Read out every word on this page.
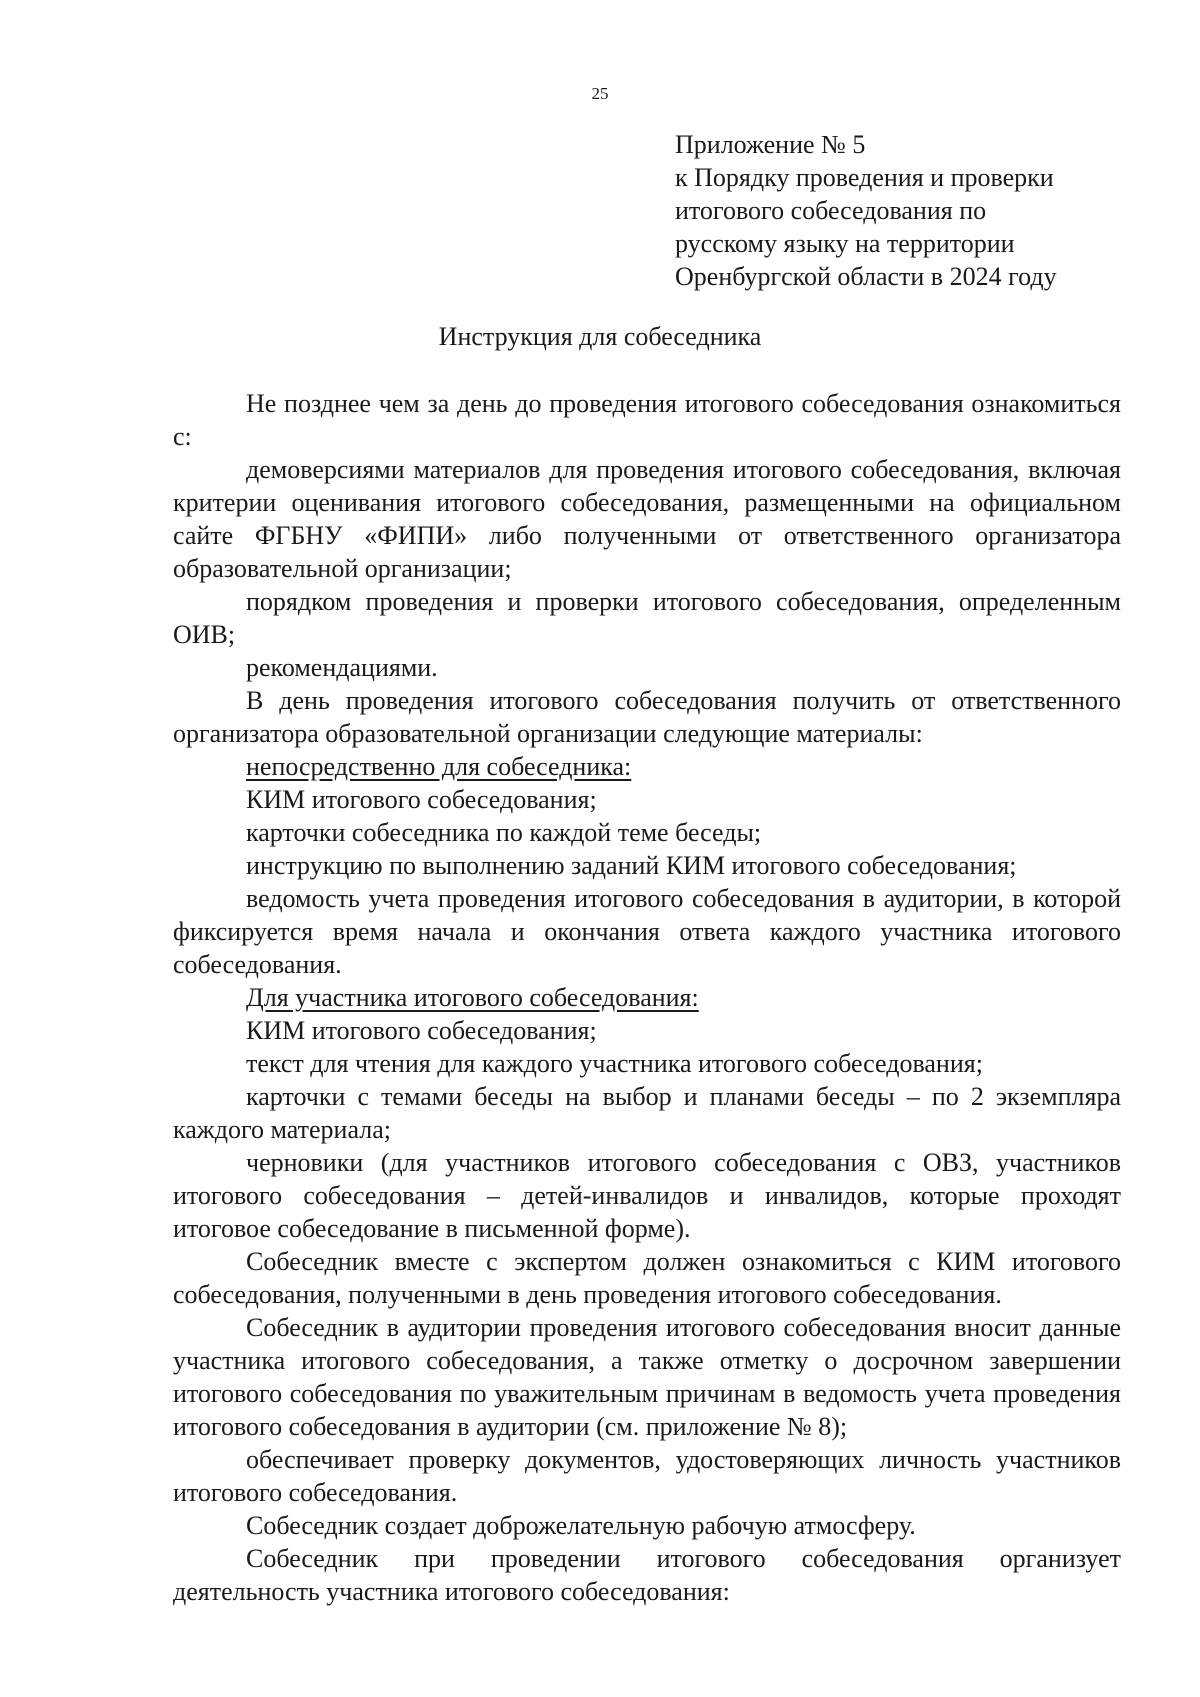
25
Приложение № 5
к Порядку проведения и проверки
итогового собеседования по
русскому языку на территории
Оренбургской области в 2024 году
Инструкция для собеседника

Не позднее чем за день до проведения итогового собеседования ознакомиться с:

демоверсиями материалов для проведения итогового собеседования, включая критерии оценивания итогового собеседования, размещенными на официальном сайте ФГБНУ «ФИПИ» либо полученными от ответственного организатора образовательной организации;

порядком проведения и проверки итогового собеседования, определенным ОИВ;

рекомендациями.

В день проведения итогового собеседования получить от ответственного организатора образовательной организации следующие материалы:

непосредственно для собеседника:

КИМ итогового собеседования;

карточки собеседника по каждой теме беседы;

инструкцию по выполнению заданий КИМ итогового собеседования;

ведомость учета проведения итогового собеседования в аудитории, в которой фиксируется время начала и окончания ответа каждого участника итогового собеседования.

Для участника итогового собеседования:

КИМ итогового собеседования;

текст для чтения для каждого участника итогового собеседования;

карточки с темами беседы на выбор и планами беседы – по 2 экземпляра каждого материала;

черновики (для участников итогового собеседования с ОВЗ, участников итогового собеседования – детей-инвалидов и инвалидов, которые проходят итоговое собеседование в письменной форме).

Собеседник вместе с экспертом должен ознакомиться с КИМ итогового собеседования, полученными в день проведения итогового собеседования.

Собеседник в аудитории проведения итогового собеседования вносит данные участника итогового собеседования, а также отметку о досрочном завершении итогового собеседования по уважительным причинам в ведомость учета проведения итогового собеседования в аудитории (см. приложение № 8);

обеспечивает проверку документов, удостоверяющих личность участников итогового собеседования.

Собеседник создает доброжелательную рабочую атмосферу.

Собеседник при проведении итогового собеседования организует деятельность участника итогового собеседования:
